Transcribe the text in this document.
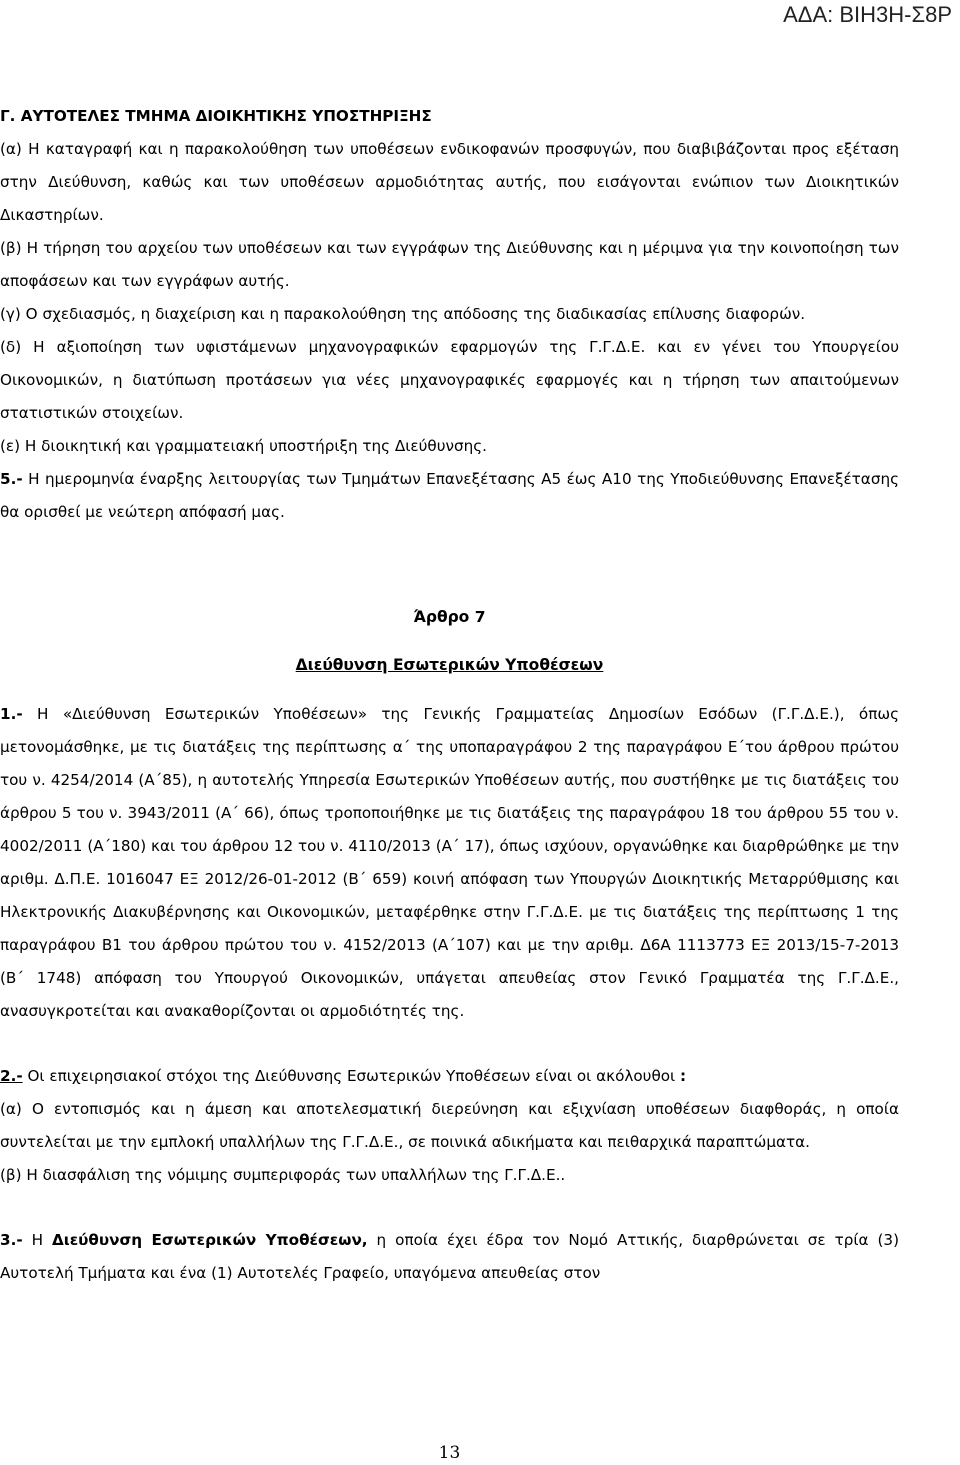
ΑΔΑ: ΒΙΗ3Η-Σ8Ρ

Γ. ΑΥΤΟΤΕΛΕΣ ΤΜΗΜΑ ΔΙΟΙΚΗΤΙΚΗΣ ΥΠΟΣΤΗΡΙΞΗΣ

(α) Η καταγραφή και η παρακολούθηση των υποθέσεων ενδικοφανών προσφυγών, που διαβιβάζονται προς εξέταση στην Διεύθυνση, καθώς και των υποθέσεων αρμοδιότητας αυτής, που εισάγονται ενώπιον των Διοικητικών Δικαστηρίων.

(β) Η τήρηση του αρχείου των υποθέσεων και των εγγράφων της Διεύθυνσης και η μέριμνα για την κοινοποίηση των αποφάσεων και των εγγράφων αυτής.

(γ) Ο σχεδιασμός, η διαχείριση και η παρακολούθηση της απόδοσης της διαδικασίας επίλυσης διαφορών.

(δ) Η αξιοποίηση των υφιστάμενων μηχανογραφικών εφαρμογών της Γ.Γ.Δ.Ε. και εν γένει του Υπουργείου Οικονομικών, η διατύπωση προτάσεων για νέες μηχανογραφικές εφαρμογές και η τήρηση των απαιτούμενων στατιστικών στοιχείων.

(ε) Η διοικητική και γραμματειακή υποστήριξη της Διεύθυνσης.

5.- Η ημερομηνία έναρξης λειτουργίας των Τμημάτων Επανεξέτασης Α5 έως Α10 της Υποδιεύθυνσης Επανεξέτασης θα ορισθεί με νεώτερη απόφασή μας.

Άρθρο 7

Διεύθυνση Εσωτερικών Υποθέσεων

1.- Η «Διεύθυνση Εσωτερικών Υποθέσεων» της Γενικής Γραμματείας Δημοσίων Εσόδων (Γ.Γ.Δ.Ε.), όπως μετονομάσθηκε, με τις διατάξεις της περίπτωσης α΄ της υποπαραγράφου 2 της παραγράφου Ε΄του άρθρου πρώτου του ν. 4254/2014 (Α΄85), η αυτοτελής Υπηρεσία Εσωτερικών Υποθέσεων αυτής, που συστήθηκε με τις διατάξεις του άρθρου 5 του ν. 3943/2011 (Α΄ 66), όπως τροποποιήθηκε με τις διατάξεις της παραγράφου 18 του άρθρου 55 του ν. 4002/2011 (Α΄180) και του άρθρου 12 του ν. 4110/2013 (Α΄ 17), όπως ισχύουν, οργανώθηκε και διαρθρώθηκε με την αριθμ. Δ.Π.Ε. 1016047 ΕΞ 2012/26-01-2012 (Β΄ 659) κοινή απόφαση των Υπουργών Διοικητικής Μεταρρύθμισης και Ηλεκτρονικής Διακυβέρνησης και Οικονομικών, μεταφέρθηκε στην Γ.Γ.Δ.Ε. με τις διατάξεις της περίπτωσης 1 της παραγράφου Β1 του άρθρου πρώτου του ν. 4152/2013 (Α΄107) και με την αριθμ. Δ6Α 1113773 ΕΞ 2013/15-7-2013 (Β΄ 1748) απόφαση του Υπουργού Οικονομικών, υπάγεται απευθείας στον Γενικό Γραμματέα της Γ.Γ.Δ.Ε., ανασυγκροτείται και ανακαθορίζονται οι αρμοδιότητές της.

2.- Οι επιχειρησιακοί στόχοι της Διεύθυνσης Εσωτερικών Υποθέσεων είναι οι ακόλουθοι :

(α) Ο εντοπισμός και η άμεση και αποτελεσματική διερεύνηση και εξιχνίαση υποθέσεων διαφθοράς, η οποία συντελείται με την εμπλοκή υπαλλήλων της Γ.Γ.Δ.Ε., σε ποινικά αδικήματα και πειθαρχικά παραπτώματα.

(β) Η διασφάλιση της νόμιμης συμπεριφοράς των υπαλλήλων της Γ.Γ.Δ.Ε..

3.- Η Διεύθυνση Εσωτερικών Υποθέσεων, η οποία έχει έδρα τον Νομό Αττικής, διαρθρώνεται σε τρία (3) Αυτοτελή Τμήματα και ένα (1) Αυτοτελές Γραφείο, υπαγόμενα απευθείας στον

13
